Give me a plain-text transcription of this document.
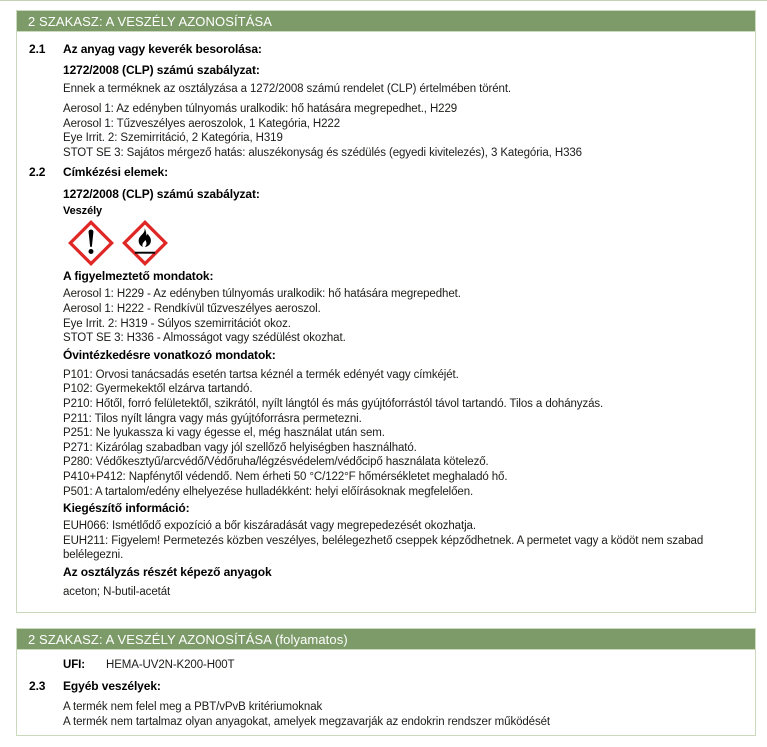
2 SZAKASZ: A VESZÉLY AZONOSÍTÁSA
2.1	Az anyag vagy keverék besorolása:
1272/2008 (CLP) számú szabályzat:
Ennek a terméknek az osztályzása a 1272/2008 számú rendelet (CLP) értelmében törént.
Aerosol 1: Az edényben túlnyomás uralkodik: hő hatására megrepedhet., H229
Aerosol 1: Tűzveszélyes aeroszolok, 1 Kategória, H222
Eye Irrit. 2: Szemirritáció, 2 Kategória, H319
STOT SE 3: Sajátos mérgező hatás: aluszékonyság és szédülés (egyedi kivitelezés), 3 Kategória, H336
2.2	Címkézési elemek:
1272/2008 (CLP) számú szabályzat:
Veszély
A figyelmeztető mondatok:
Aerosol 1: H229 - Az edényben túlnyomás uralkodik: hő hatására megrepedhet.
Aerosol 1: H222 - Rendkívül tűzveszélyes aeroszol.
Eye Irrit. 2: H319 - Súlyos szemirritációt okoz.
STOT SE 3: H336 - Almosságot vagy szédülést okozhat.
Óvintézkedésre vonatkozó mondatok:
P101: Orvosi tanácsadás esetén tartsa kéznél a termék edényét vagy címkéjét.
P102: Gyermekektől elzárva tartandó.
P210: Hőtől, forró felületektől, szikrától, nyílt lángtól és más gyújtóforrástól távol tartandó. Tilos a dohányzás.
P211: Tilos nyílt lángra vagy más gyújtóforrásra permetezni.
P251: Ne lyukassza ki vagy égesse el, még használat után sem.
P271: Kizárólag szabadban vagy jól szellőző helyiségben használható.
P280: Védőkesztyű/arcvédő/Védőruha/légzésvédelem/védőcipő használata kötelező.
P410+P412: Napfénytől védendő. Nem érheti 50 °C/122°F hőmérsékletet meghaladó hő.
P501: A tartalom/edény elhelyezése hulladékként: helyi előírásoknak megfelelően.
Kiegészítő információ:
EUH066: Ismétlődő expozíció a bőr kiszáradását vagy megrepedezését okozhatja.
EUH211: Figyelem! Permetezés közben veszélyes, belélegezhető cseppek képződhetnek. A permetet vagy a ködöt nem szabad belélegezni.
Az osztályzás részét képező anyagok
aceton; N-butil-acetát
2 SZAKASZ: A VESZÉLY AZONOSÍTÁSA (folyamatos)
UFI:	HEMA-UV2N-K200-H00T
2.3	Egyéb veszélyek:
A termék nem felel meg a PBT/vPvB kritériumoknak
A termék nem tartalmaz olyan anyagokat, amelyek megzavarják az endokrin rendszer működését
